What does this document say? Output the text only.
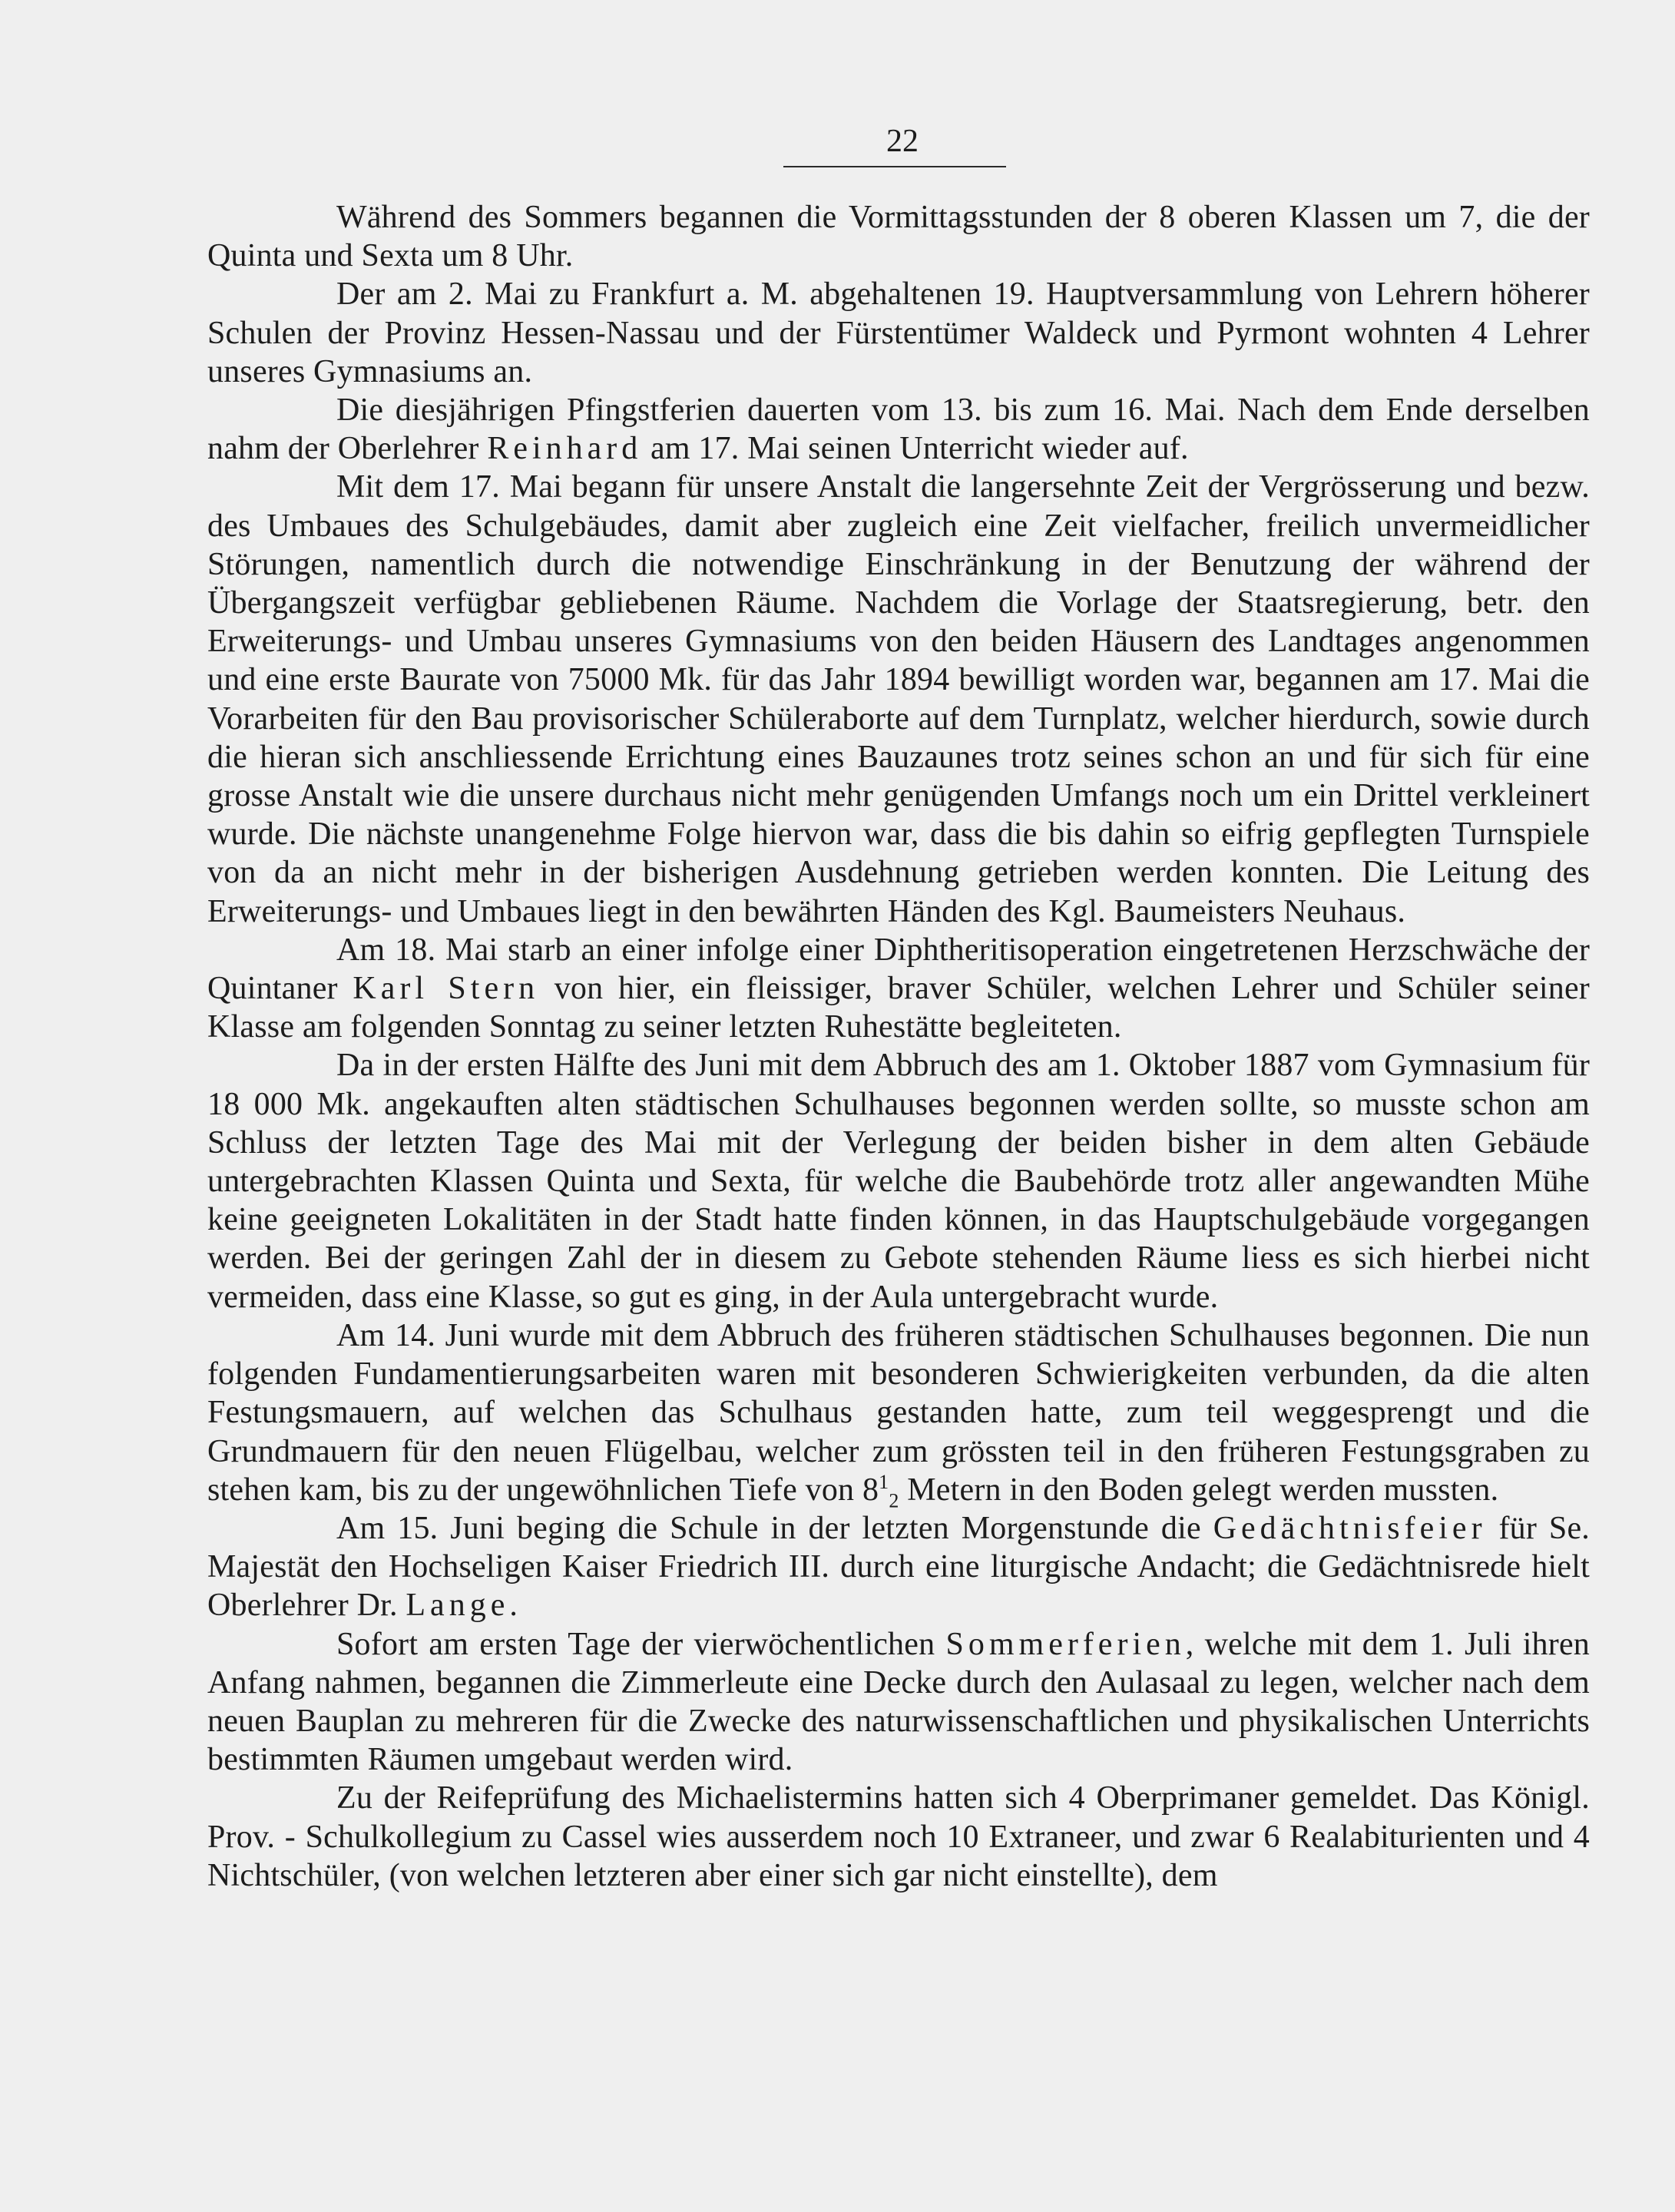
22

Während des Sommers begannen die Vormittagsstunden der 8 oberen Klassen um 7, die der Quinta und Sexta um 8 Uhr.

Der am 2. Mai zu Frankfurt a. M. abgehaltenen 19. Hauptversammlung von Lehrern höherer Schulen der Provinz Hessen-Nassau und der Fürstentümer Waldeck und Pyrmont wohnten 4 Lehrer unseres Gymnasiums an.

Die diesjährigen Pfingstferien dauerten vom 13. bis zum 16. Mai. Nach dem Ende derselben nahm der Oberlehrer Reinhard am 17. Mai seinen Unterricht wieder auf.

Mit dem 17. Mai begann für unsere Anstalt die langersehnte Zeit der Vergrösserung und bezw. des Umbaues des Schulgebäudes, damit aber zugleich eine Zeit vielfacher, freilich unvermeidlicher Störungen, namentlich durch die notwendige Einschränkung in der Benutzung der während der Übergangszeit verfügbar gebliebenen Räume. Nachdem die Vorlage der Staatsregierung, betr. den Erweiterungs- und Umbau unseres Gymnasiums von den beiden Häusern des Landtages angenommen und eine erste Baurate von 75000 Mk. für das Jahr 1894 bewilligt worden war, begannen am 17. Mai die Vorarbeiten für den Bau provisorischer Schüleraborte auf dem Turnplatz, welcher hierdurch, sowie durch die hieran sich anschliessende Errichtung eines Bauzaunes trotz seines schon an und für sich für eine grosse Anstalt wie die unsere durchaus nicht mehr genügenden Umfangs noch um ein Drittel verkleinert wurde. Die nächste unangenehme Folge hiervon war, dass die bis dahin so eifrig gepflegten Turnspiele von da an nicht mehr in der bisherigen Ausdehnung getrieben werden konnten. Die Leitung des Erweiterungs- und Umbaues liegt in den bewährten Händen des Kgl. Baumeisters Neuhaus.

Am 18. Mai starb an einer infolge einer Diphtheritisoperation eingetretenen Herzschwäche der Quintaner Karl Stern von hier, ein fleissiger, braver Schüler, welchen Lehrer und Schüler seiner Klasse am folgenden Sonntag zu seiner letzten Ruhestätte begleiteten.

Da in der ersten Hälfte des Juni mit dem Abbruch des am 1. Oktober 1887 vom Gymnasium für 18 000 Mk. angekauften alten städtischen Schulhauses begonnen werden sollte, so musste schon am Schluss der letzten Tage des Mai mit der Verlegung der beiden bisher in dem alten Gebäude untergebrachten Klassen Quinta und Sexta, für welche die Baubehörde trotz aller angewandten Mühe keine geeigneten Lokalitäten in der Stadt hatte finden können, in das Hauptschulgebäude vorgegangen werden. Bei der geringen Zahl der in diesem zu Gebote stehenden Räume liess es sich hierbei nicht vermeiden, dass eine Klasse, so gut es ging, in der Aula untergebracht wurde.

Am 14. Juni wurde mit dem Abbruch des früheren städtischen Schulhauses begonnen. Die nun folgenden Fundamentierungsarbeiten waren mit besonderen Schwierigkeiten verbunden, da die alten Festungsmauern, auf welchen das Schulhaus gestanden hatte, zum teil weggesprengt und die Grundmauern für den neuen Flügelbau, welcher zum grössten teil in den früheren Festungsgraben zu stehen kam, bis zu der ungewöhnlichen Tiefe von $8^1_2$ Metern in den Boden gelegt werden mussten.

Am 15. Juni beging die Schule in der letzten Morgenstunde die Gedächtnisfeier für Se. Majestät den Hochseligen Kaiser Friedrich III. durch eine liturgische Andacht; die Gedächtnisrede hielt Oberlehrer Dr. Lange.

Sofort am ersten Tage der vierwöchentlichen Sommerferien, welche mit dem 1. Juli ihren Anfang nahmen, begannen die Zimmerleute eine Decke durch den Aulasaal zu legen, welcher nach dem neuen Bauplan zu mehreren für die Zwecke des naturwissenschaftlichen und physikalischen Unterrichts bestimmten Räumen umgebaut werden wird.

Zu der Reifeprüfung des Michaelistermins hatten sich 4 Oberprimaner gemeldet. Das Königl. Prov. - Schulkollegium zu Cassel wies ausserdem noch 10 Extraneer, und zwar 6 Realabiturienten und 4 Nichtschüler, (von welchen letzteren aber einer sich gar nicht einstellte), dem
